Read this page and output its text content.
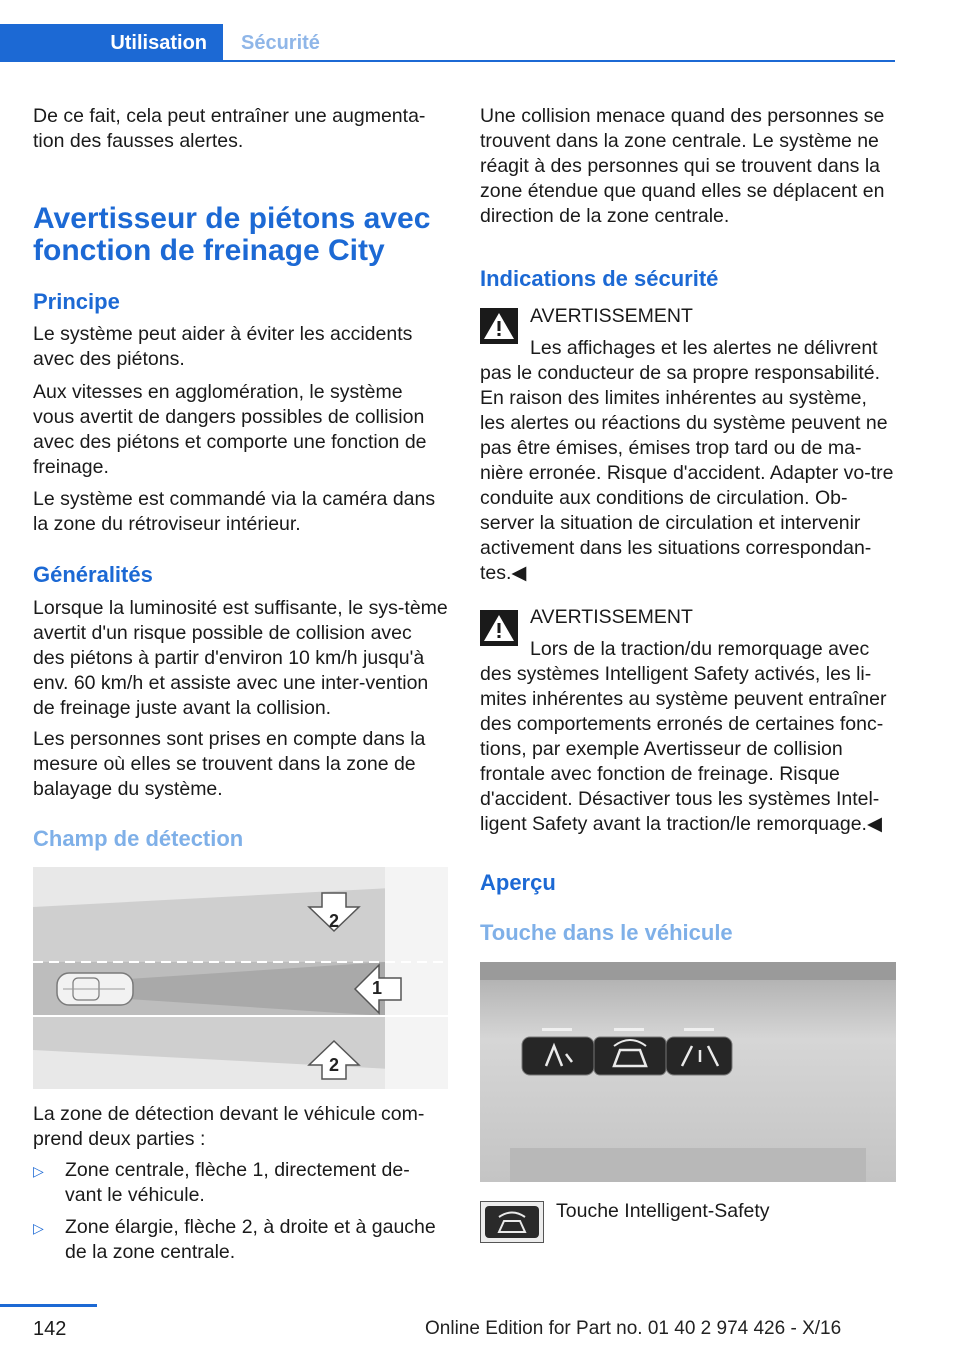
Utilisation	Sécurité

De ce fait, cela peut entraîner une augmenta-tion des fausses alertes.

Avertisseur de piétons avec
fonction de freinage City
Principe

Le système peut aider à éviter les accidents avec des piétons.

Aux vitesses en agglomération, le système vous avertit de dangers possibles de collision avec des piétons et comporte une fonction de freinage.

Le système est commandé via la caméra dans la zone du rétroviseur intérieur.

Généralités

Lorsque la luminosité est suffisante, le sys-tème avertit d'un risque possible de collision avec des piétons à partir d'environ 10 km/h jusqu'à env. 60 km/h et assiste avec une inter-vention de freinage juste avant la collision.

Les personnes sont prises en compte dans la mesure où elles se trouvent dans la zone de balayage du système.

Champ de détection
1
2
2

La zone de détection devant le véhicule com-prend deux parties :

▷ Zone centrale, flèche 1, directement de-vant le véhicule.
▷ Zone élargie, flèche 2, à droite et à gauche de la zone centrale.

Une collision menace quand des personnes se trouvent dans la zone centrale. Le système ne réagit à des personnes qui se trouvent dans la zone étendue que quand elles se déplacent en direction de la zone centrale.

Indications de sécurité
AVERTISSEMENT
Les affichages et les alertes ne délivrent

pas le conducteur de sa propre responsabilité. En raison des limites inhérentes au système, les alertes ou réactions du système peuvent ne pas être émises, émises trop tard ou de ma-nière erronée. Risque d'accident. Adapter vo-tre conduite aux conditions de circulation. Ob-server la situation de circulation et intervenir activement dans les situations correspondan-tes.◀

AVERTISSEMENT
Lors de la traction/du remorquage avec

des systèmes Intelligent Safety activés, les li-mites inhérentes au système peuvent entraîner des comportements erronés de certaines fonc-tions, par exemple Avertisseur de collision frontale avec fonction de freinage. Risque d'accident. Désactiver tous les systèmes Intel-ligent Safety avant la traction/le remorquage.◀

Aperçu
Touche dans le véhicule
Touche Intelligent-Safety
142	Online Edition for Part no. 01 40 2 974 426 - X/16
